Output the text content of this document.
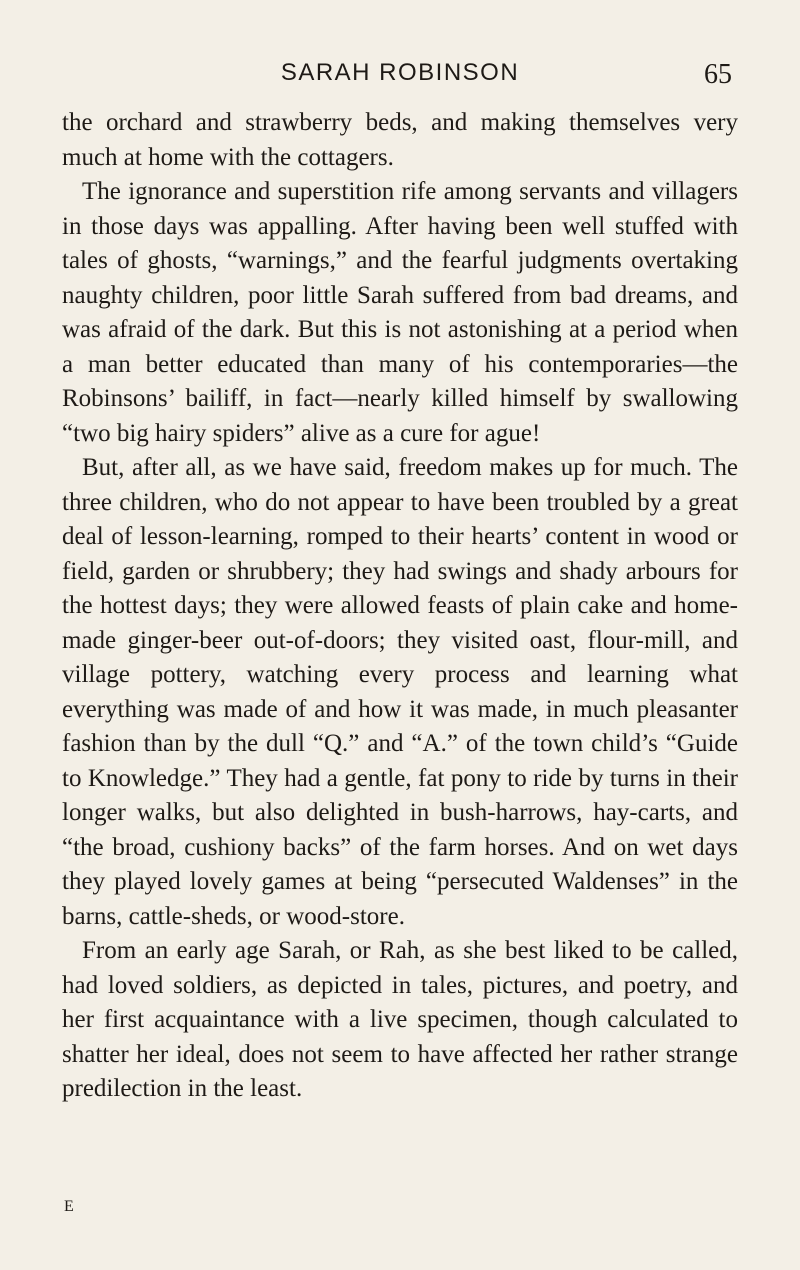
SARAH ROBINSON	65

the orchard and strawberry beds, and making themselves very much at home with the cottagers.

The ignorance and superstition rife among servants and villagers in those days was appalling. After having been well stuffed with tales of ghosts, “warnings,” and the fearful judgments overtaking naughty children, poor little Sarah suffered from bad dreams, and was afraid of the dark. But this is not astonishing at a period when a man better educated than many of his contemporaries—the Robinsons’ bailiff, in fact—nearly killed himself by swallowing “two big hairy spiders” alive as a cure for ague!

But, after all, as we have said, freedom makes up for much. The three children, who do not appear to have been troubled by a great deal of lesson-learning, romped to their hearts’ content in wood or field, garden or shrubbery; they had swings and shady arbours for the hottest days; they were allowed feasts of plain cake and home-made ginger-beer out-of-doors; they visited oast, flour-mill, and village pottery, watching every process and learning what everything was made of and how it was made, in much pleasanter fashion than by the dull “Q.” and “A.” of the town child’s “Guide to Knowledge.” They had a gentle, fat pony to ride by turns in their longer walks, but also delighted in bush-harrows, hay-carts, and “the broad, cushiony backs” of the farm horses. And on wet days they played lovely games at being “persecuted Waldenses” in the barns, cattle-sheds, or wood-store.

From an early age Sarah, or Rah, as she best liked to be called, had loved soldiers, as depicted in tales, pictures, and poetry, and her first acquaintance with a live specimen, though calculated to shatter her ideal, does not seem to have affected her rather strange predilection in the least.

E
